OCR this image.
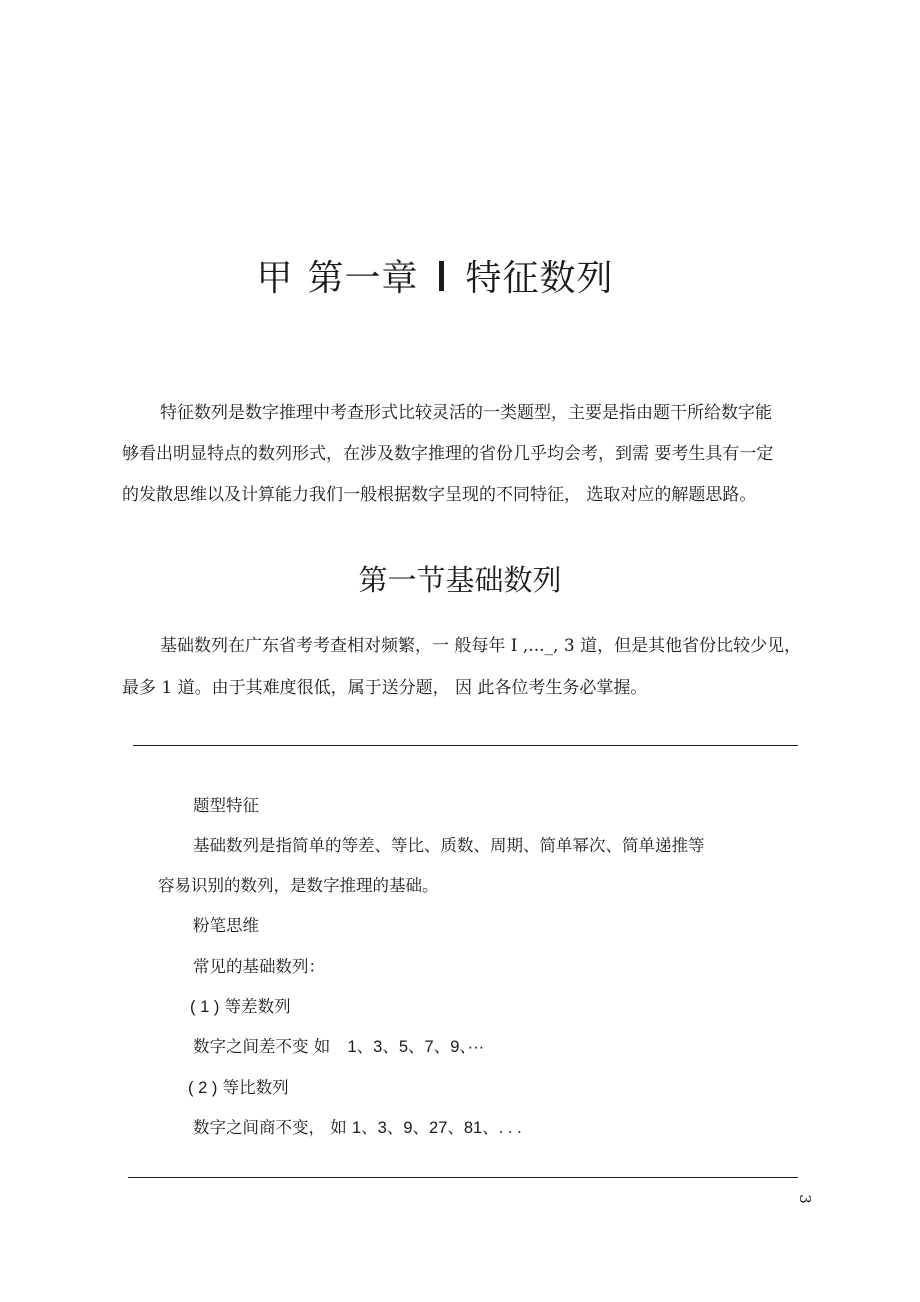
甲 第一章 特征数列
特征数列是数字推理中考查形式比较灵活的一类题型，主要是指由题干所给数字能
够看出明显特点的数列形式，在涉及数字推理的省份几乎均会考，到需 要考生具有一定
的发散思维以及计算能力我们一般根据数字呈现的不同特征， 选取对应的解题思路。
第一节基础数列
基础数列在广东省考考查相对频繁，一 般每年 I ,..._, 3 道，但是其他省份比较少见，
最多 1 道。由于其难度很低，属于送分题， 因 此各位考生务必掌握。
题型特征
基础数列是指简单的等差、等比、质数、周期、简单幂次、简单递推等
容易识别的数列，是数字推理的基础。
粉笔思维
常见的基础数列：
( 1 ) 等差数列
数字之间差不变 如 1、3、5、7、9、···
( 2 ) 等比数列
数字之间商不变， 如 1、3、9、27、81、. . .
3
